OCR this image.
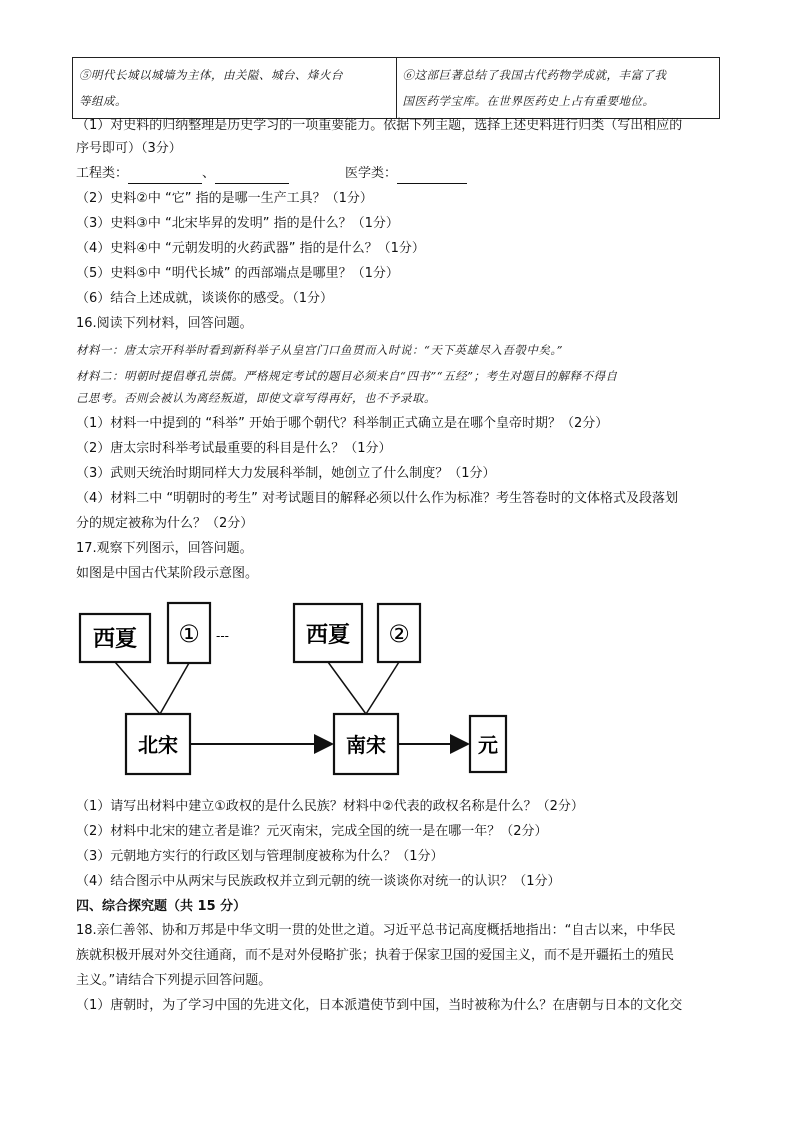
⑤明代长城以城墙为主体，由关隘、城台、烽火台
等组成。

⑥这部巨著总结了我国古代药物学成就，丰富了我
国医药学宝库。在世界医药史上占有重要地位。
（1）对史料的归纳整理是历史学习的一项重要能力。依据下列主题，选择上述史料进行归类（写出相应的
序号即可）（3分）
工程类：	、	医学类：
（2）史料②中 “它” 指的是哪一生产工具？（1分）
（3）史料③中 “北宋毕昇的发明” 指的是什么？（1分）
（4）史料④中 “元朝发明的火药武器” 指的是什么？（1分）
（5）史料⑤中 “明代长城” 的西部端点是哪里？（1分）
（6）结合上述成就，谈谈你的感受。（1分）
16.阅读下列材料，回答问题。
材料一：唐太宗开科举时看到新科举子从皇宫门口鱼贯而入时说：“天下英雄尽入吾彀中矣。”
材料二：明朝时提倡尊孔崇儒。严格规定考试的题目必须来自“四书”“五经”；考生对题目的解释不得自
己思考。否则会被认为离经叛道，即使文章写得再好，也不予录取。
（1）材料一中提到的 “科举” 开始于哪个朝代？科举制正式确立是在哪个皇帝时期？（2分）
（2）唐太宗时科举考试最重要的科目是什么？（1分）
（3）武则天统治时期同样大力发展科举制，她创立了什么制度？（1分）
（4）材料二中 “明朝时的考生” 对考试题目的解释必须以什么作为标准？考生答卷时的文体格式及段落划
分的规定被称为什么？（2分）
17.观察下列图示，回答问题。
如图是中国古代某阶段示意图。
西夏 ① ---	西夏 ②
北宋	南宋	元
（1）请写出材料中建立①政权的是什么民族？材料中②代表的政权名称是什么？（2分）
（2）材料中北宋的建立者是谁？元灭南宋，完成全国的统一是在哪一年？（2分）
（3）元朝地方实行的行政区划与管理制度被称为什么？（1分）
（4）结合图示中从两宋与民族政权并立到元朝的统一谈谈你对统一的认识？（1分）
四、综合探究题（共 15 分）
18.亲仁善邻、协和万邦是中华文明一贯的处世之道。习近平总书记高度概括地指出：“自古以来，中华民
族就积极开展对外交往通商，而不是对外侵略扩张；执着于保家卫国的爱国主义，而不是开疆拓土的殖民
主义。”请结合下列提示回答问题。
（1）唐朝时，为了学习中国的先进文化，日本派遣使节到中国，当时被称为什么？在唐朝与日本的文化交
